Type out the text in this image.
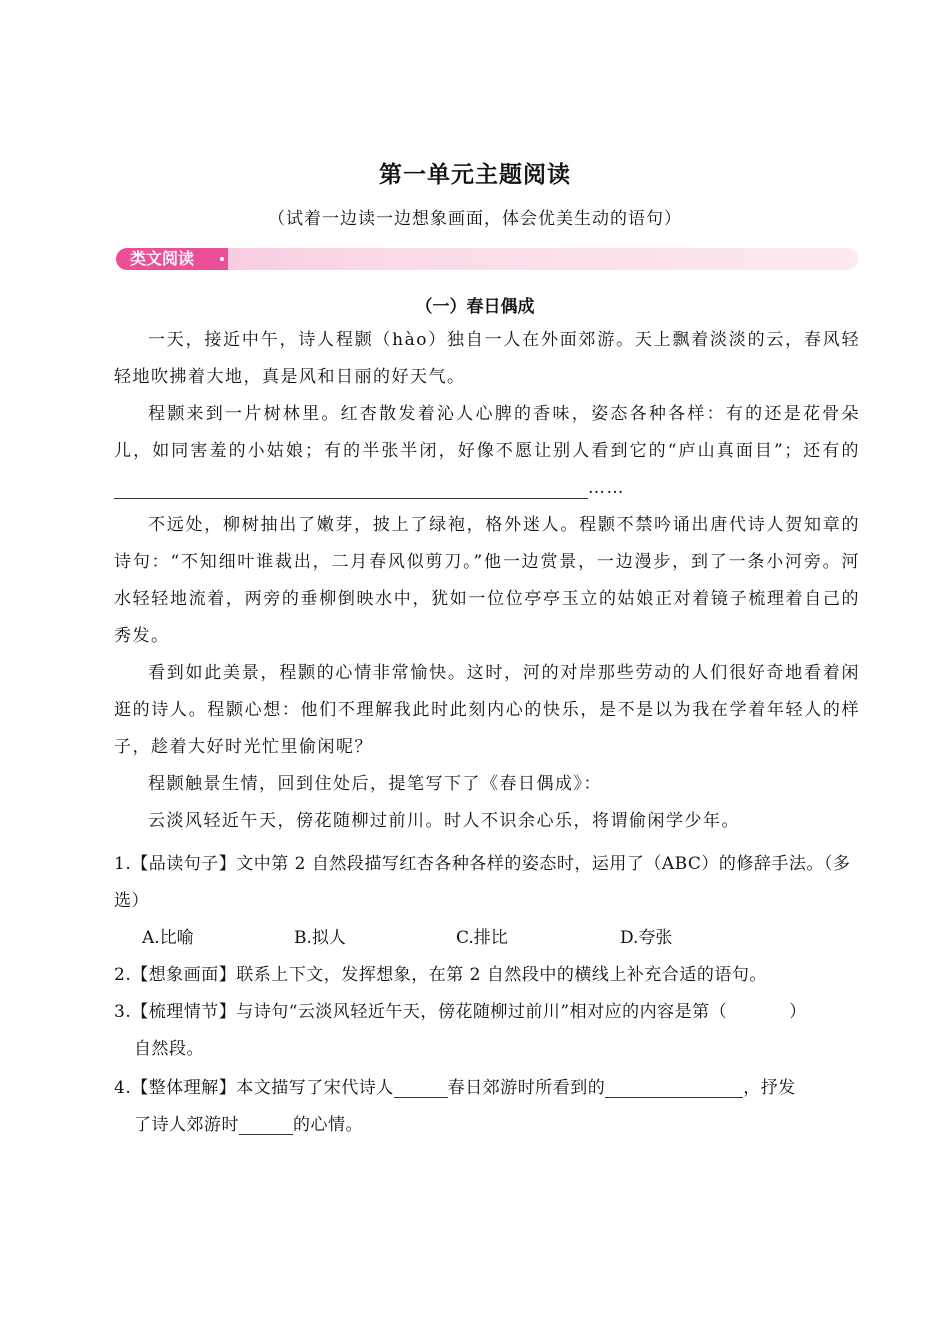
第一单元主题阅读
（试着一边读一边想象画面，体会优美生动的语句）
类文阅读
（一）春日偶成

一天，接近中午，诗人程颢（hào）独自一人在外面郊游。天上飘着淡淡的云，春风轻轻地吹拂着大地，真是风和日丽的好天气。

程颢来到一片树林里。红杏散发着沁人心脾的香味，姿态各种各样：有的还是花骨朵儿，如同害羞的小姑娘；有的半张半闭，好像不愿让别人看到它的“庐山真面目”；还有的……

不远处，柳树抽出了嫩芽，披上了绿袍，格外迷人。程颢不禁吟诵出唐代诗人贺知章的诗句：“不知细叶谁裁出，二月春风似剪刀。”他一边赏景，一边漫步，到了一条小河旁。河水轻轻地流着，两旁的垂柳倒映水中，犹如一位位亭亭玉立的姑娘正对着镜子梳理着自己的秀发。

看到如此美景，程颢的心情非常愉快。这时，河的对岸那些劳动的人们很好奇地看着闲逛的诗人。程颢心想：他们不理解我此时此刻内心的快乐，是不是以为我在学着年轻人的样子，趁着大好时光忙里偷闲呢？

程颢触景生情，回到住处后，提笔写下了《春日偶成》：

云淡风轻近午天，傍花随柳过前川。时人不识余心乐，将谓偷闲学少年。

1.【品读句子】文中第 2 自然段描写红杏各种各样的姿态时，运用了（ABC）的修辞手法。（多选）
A.比喻	B.拟人	C.排比	D.夸张
2.【想象画面】联系上下文，发挥想象，在第 2 自然段中的横线上补充合适的语句。
3.【梳理情节】与诗句“云淡风轻近午天，傍花随柳过前川”相对应的内容是第（	）
自然段。
4.【整体理解】本文描写了宋代诗人	春日郊游时所看到的	，抒发
了诗人郊游时	的心情。
